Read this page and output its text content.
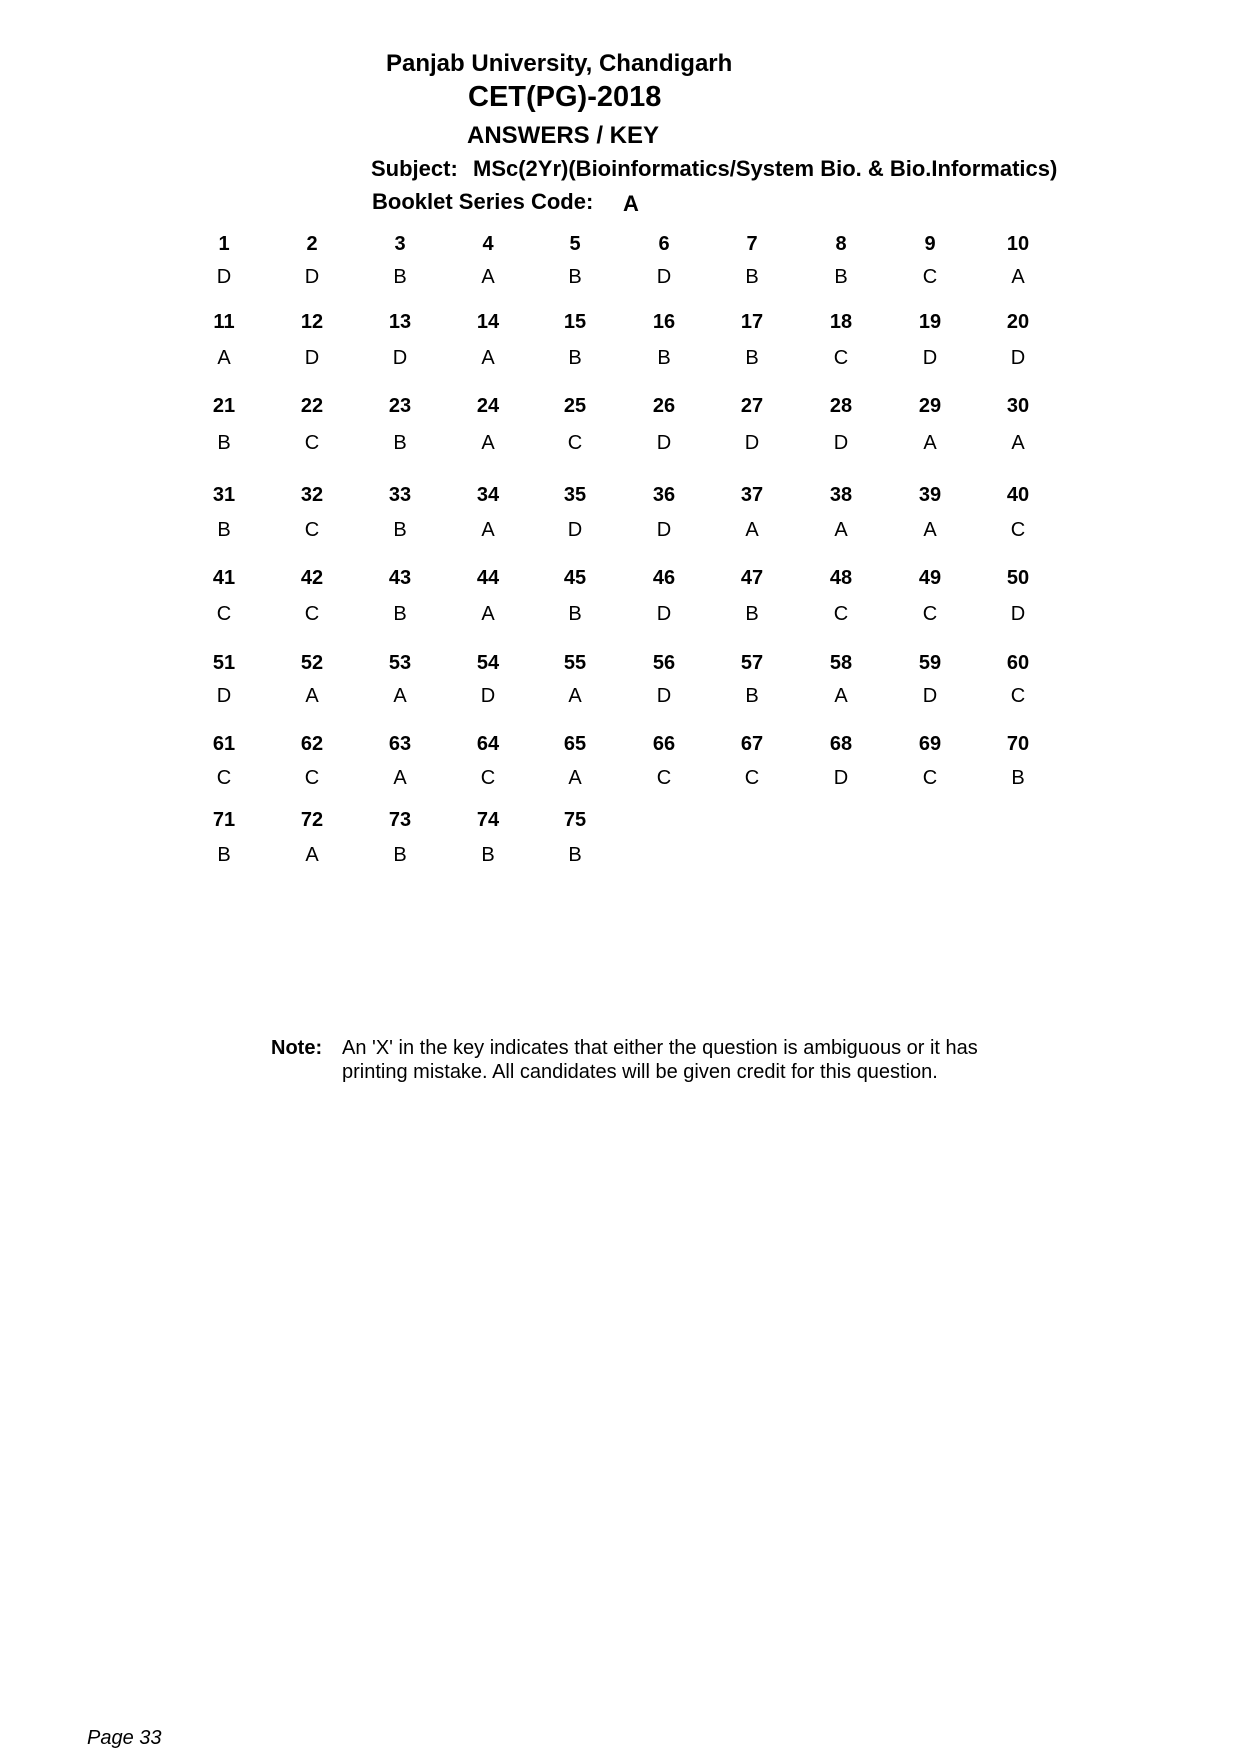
Panjab University, Chandigarh
CET(PG)-2018
ANSWERS / KEY
Subject: MSc(2Yr)(Bioinformatics/System Bio. & Bio.Informatics)
Booklet Series Code: A
1
D
2
D
3
B
4
A
5
B
6
D
7
B
8
B
9
C
10
A
11
A
12
D
13
D
14
A
15
B
16
B
17
B
18
C
19
D
20
D
21
B
22
C
23
B
24
A
25
C
26
D
27
D
28
D
29
A
30
A
31
B
32
C
33
B
34
A
35
D
36
D
37
A
38
A
39
A
40
C
41
C
42
C
43
B
44
A
45
B
46
D
47
B
48
C
49
C
50
D
51
D
52
A
53
A
54
D
55
A
56
D
57
B
58
A
59
D
60
C
61
C
62
C
63
A
64
C
65
A
66
C
67
C
68
D
69
C
70
B
71
B
72
A
73
B
74
B
75
B
Note: An 'X' in the key indicates that either the question is ambiguous or it has printing mistake. All candidates will be given credit for this question.
Page 33
